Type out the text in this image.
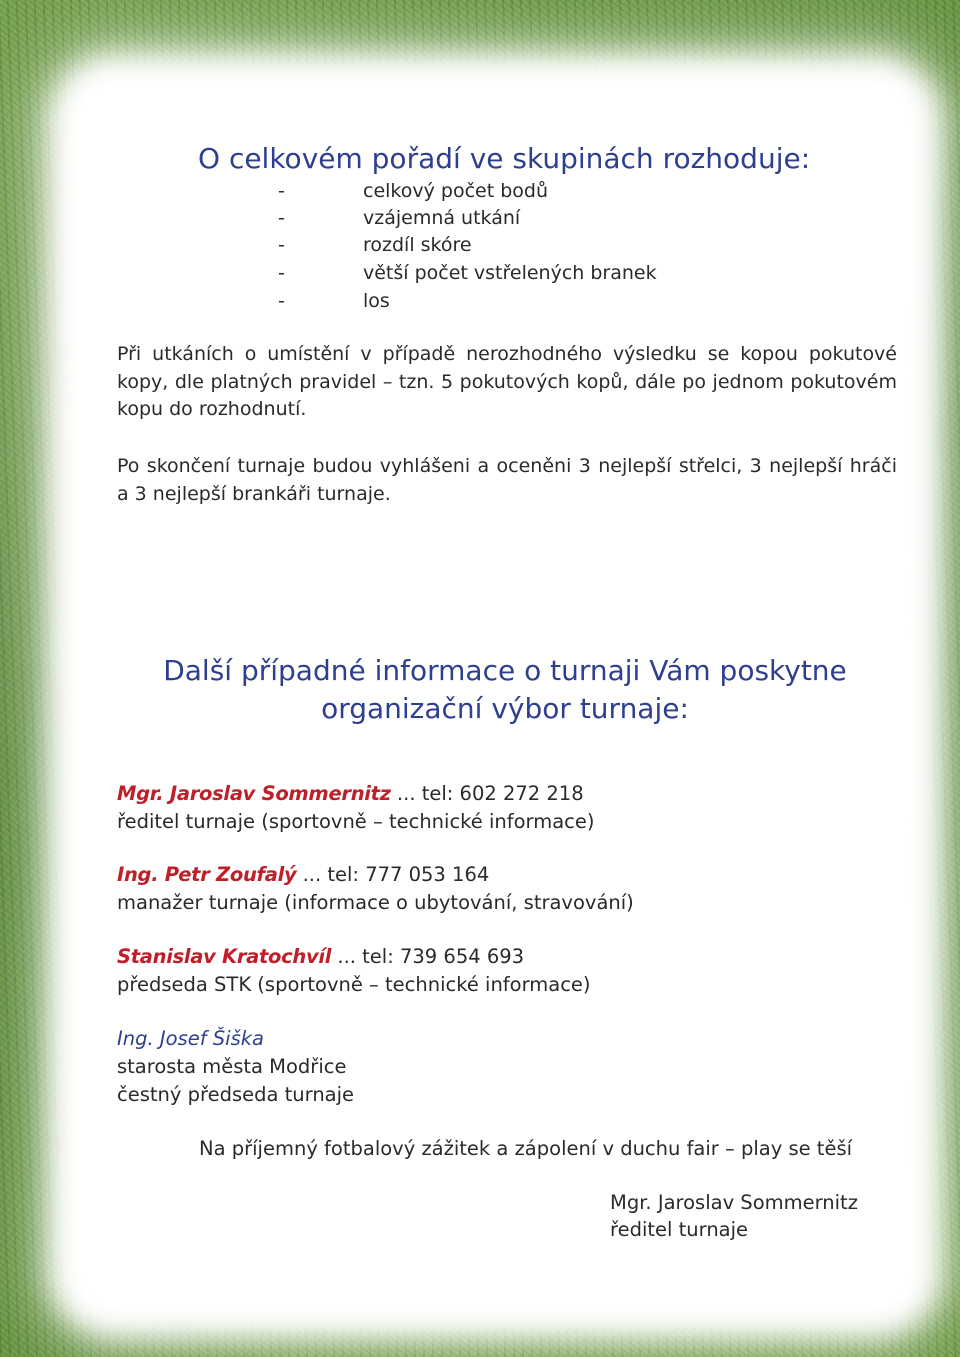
O celkovém pořadí ve skupinách rozhoduje:
-	celkový počet bodů
-	vzájemná utkání
-	rozdíl skóre
-	větší počet vstřelených branek
-	los

Při utkáních o umístění v případě nerozhodného výsledku se kopou pokutové kopy, dle platných pravidel – tzn. 5 pokutových kopů, dále po jednom pokutovém kopu do rozhodnutí.

Po skončení turnaje budou vyhlášeni a oceněni 3 nejlepší střelci, 3 nejlepší hráči a 3 nejlepší brankáři turnaje.

Další případné informace o turnaji Vám poskytne
organizační výbor turnaje:
Mgr. Jaroslav Sommernitz ... tel: 602 272 218
ředitel turnaje (sportovně – technické informace)
Ing. Petr Zoufalý ... tel: 777 053 164
manažer turnaje (informace o ubytování, stravování)
Stanislav Kratochvíl ... tel: 739 654 693
předseda STK (sportovně – technické informace)
Ing. Josef Šiška
starosta města Modřice
čestný předseda turnaje
Na příjemný fotbalový zážitek a zápolení v duchu fair – play se těší
Mgr. Jaroslav Sommernitz
ředitel turnaje
